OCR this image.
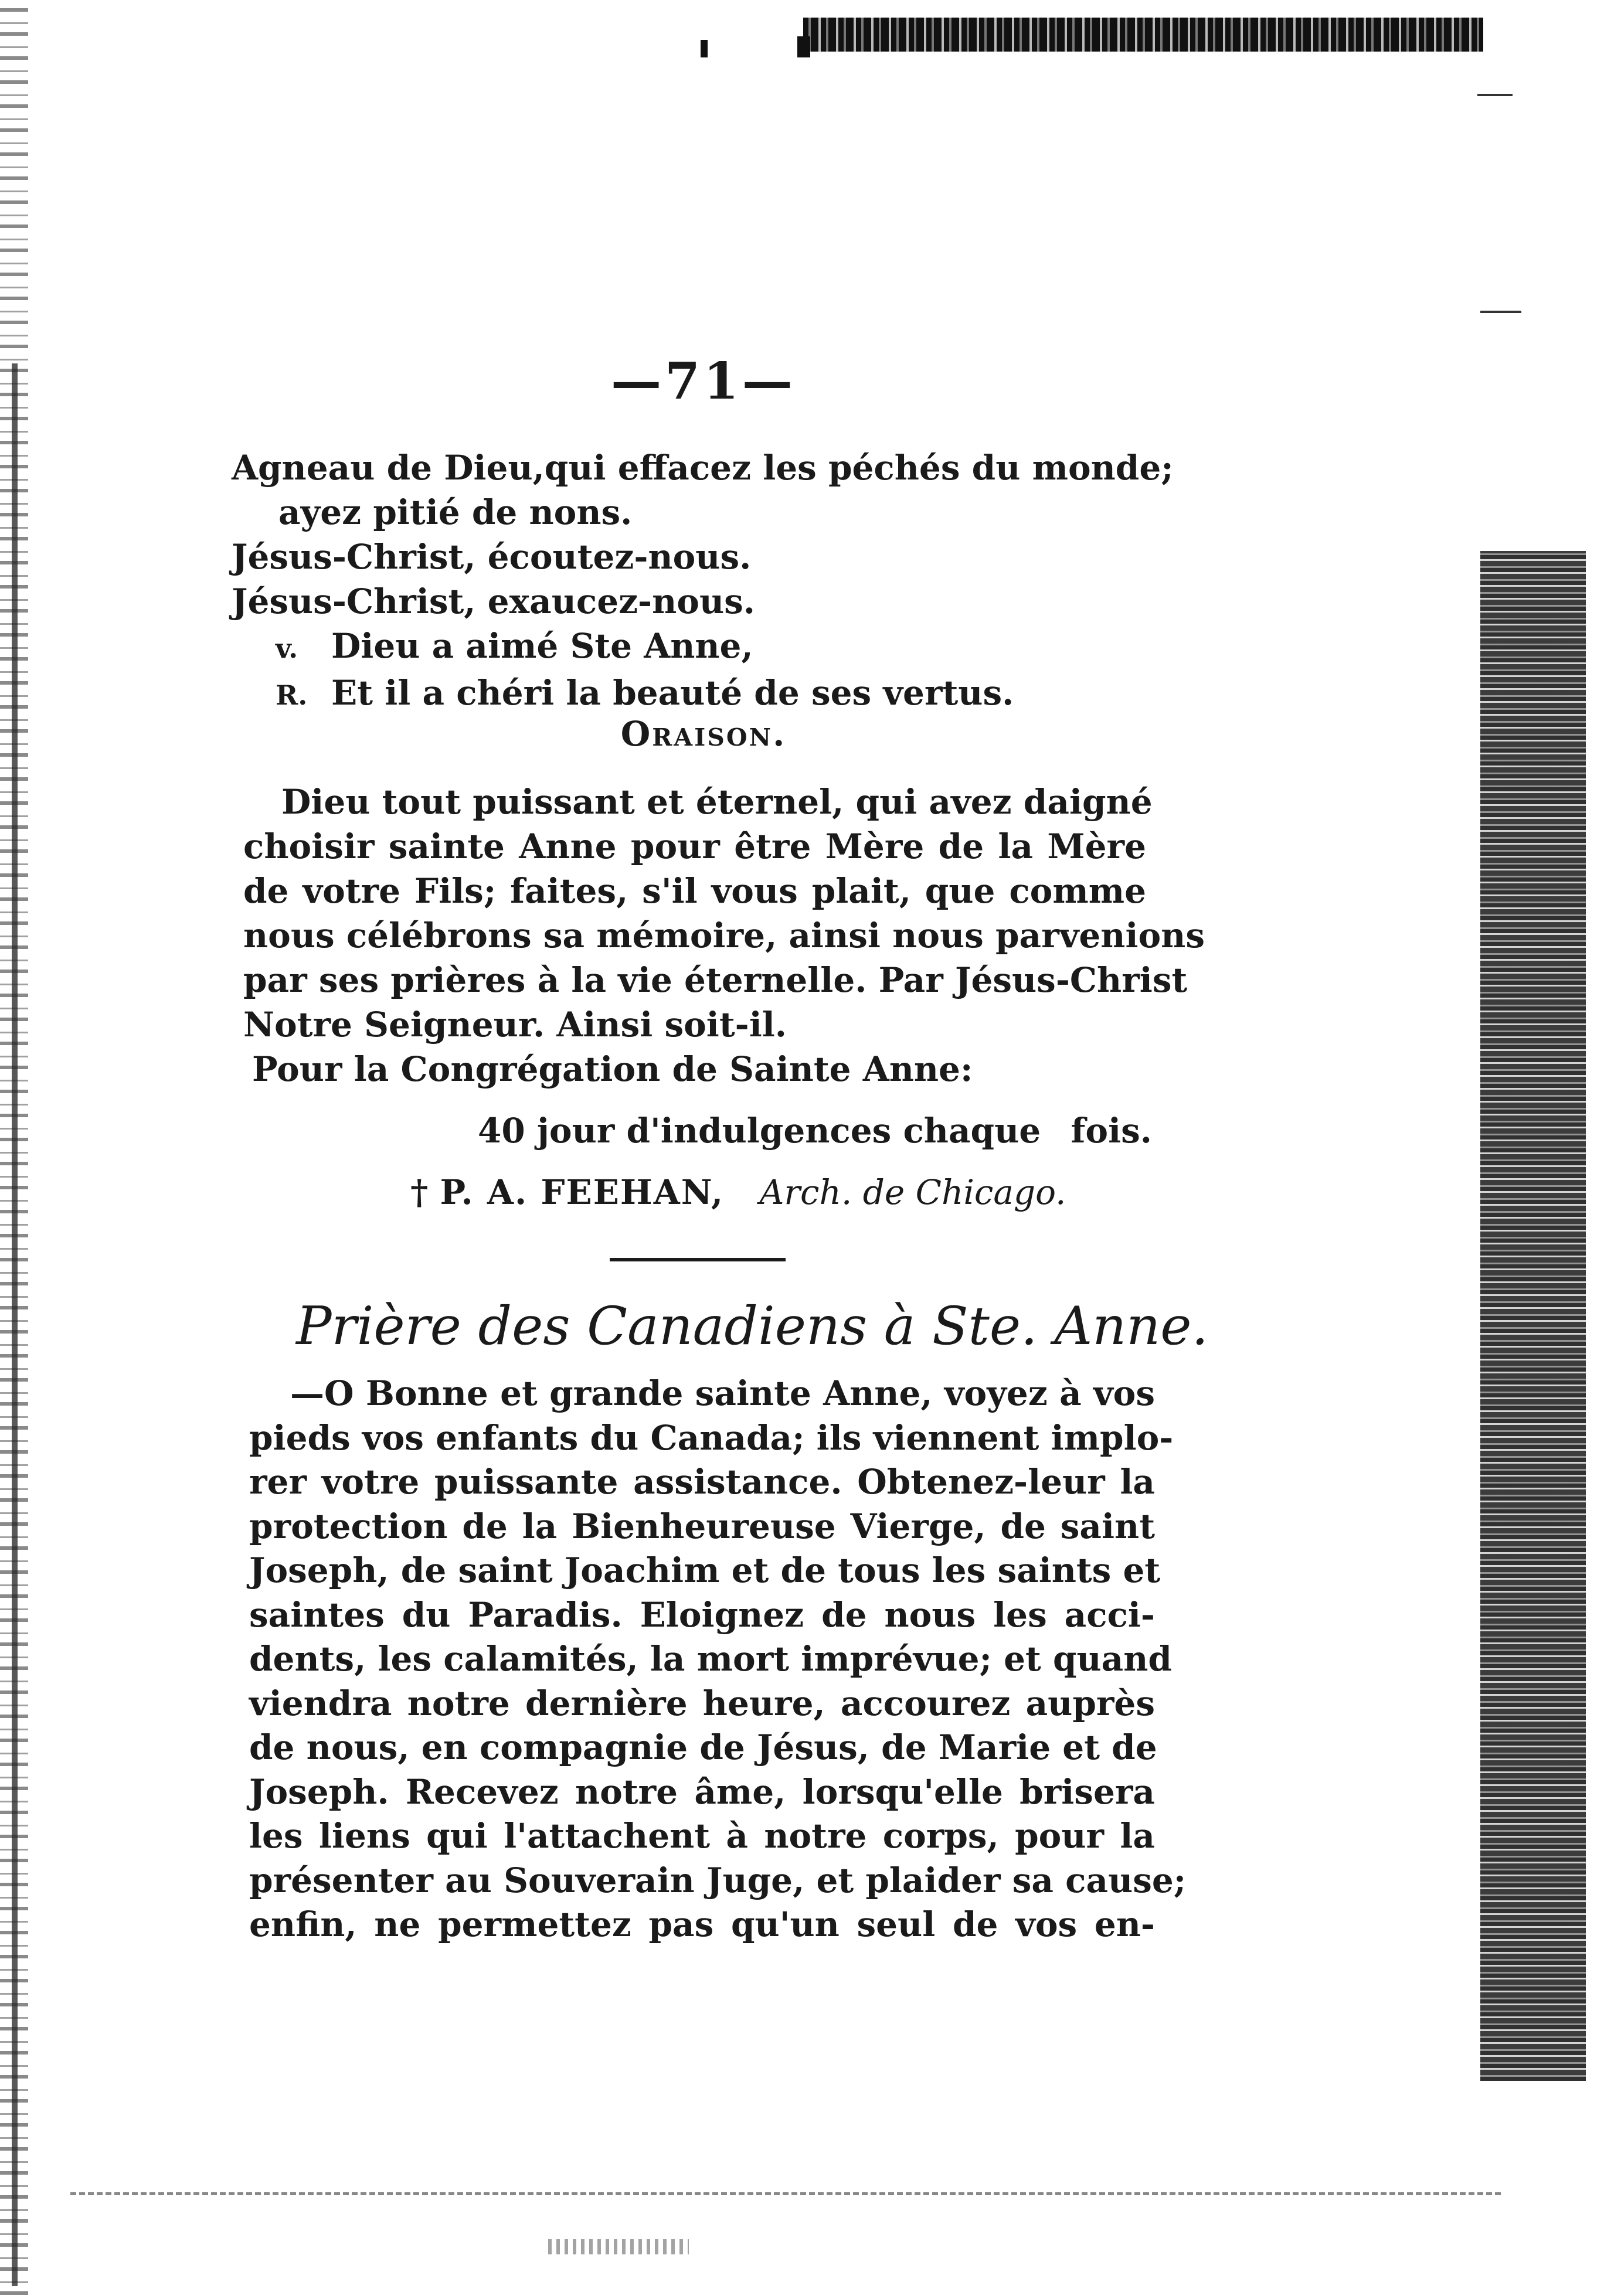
—71—
Agneau de Dieu,qui effacez les péchés du monde;
ayez pitié de nons.
Jésus-Christ, écoutez-nous.
Jésus-Christ, exaucez-nous.
v. Dieu a aimé Ste Anne,
R. Et il a chéri la beauté de ses vertus.
Oraison.
Dieu tout puissant et éternel, qui avez daigné
choisir sainte Anne pour être Mère de la Mère
de votre Fils; faites, s'il vous plait, que comme
nous célébrons sa mémoire, ainsi nous parvenions
par ses prières à la vie éternelle. Par Jésus-Christ
Notre Seigneur. Ainsi soit-il.
Pour la Congrégation de Sainte Anne:
40 jour d'indulgences chaque fois.
† P. A. FEEHAN, Arch. de Chicago.
Prière des Canadiens à Ste. Anne.
—O Bonne et grande sainte Anne, voyez à vos
pieds vos enfants du Canada; ils viennent implo-
rer votre puissante assistance. Obtenez-leur la
protection de la Bienheureuse Vierge, de saint
Joseph, de saint Joachim et de tous les saints et
saintes du Paradis. Eloignez de nous les acci-
dents, les calamités, la mort imprévue; et quand
viendra notre dernière heure, accourez auprès
de nous, en compagnie de Jésus, de Marie et de
Joseph. Recevez notre âme, lorsqu'elle brisera
les liens qui l'attachent à notre corps, pour la
présenter au Souverain Juge, et plaider sa cause;
enfin, ne permettez pas qu'un seul de vos en-
